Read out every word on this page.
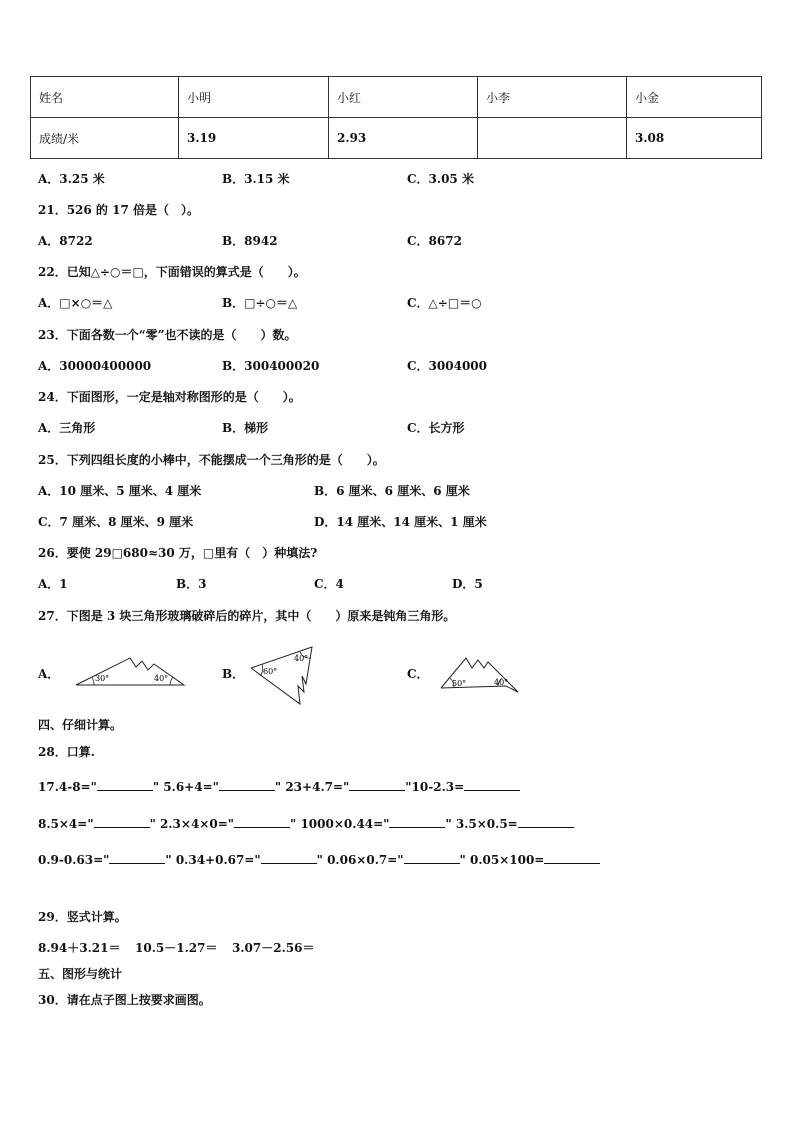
姓名	小明	小红	小李	小金
成绩/米	3.19	2.93		3.08
A．3.25 米	B．3.15 米	C．3.05 米
21．526 的 17 倍是（　）。
A．8722	B．8942	C．8672
22．已知△÷○＝□，下面错误的算式是（　　）。
A．□×○＝△	B．□÷○＝△	C．△÷□＝○
23．下面各数一个“零”也不读的是（　　）数。
A．30000400000	B．300400020	C．3004000
24．下面图形，一定是轴对称图形的是（　　）。
A．三角形	B．梯形	C．长方形
25．下列四组长度的小棒中，不能摆成一个三角形的是（　　）。
A．10 厘米、5 厘米、4 厘米	B．6 厘米、6 厘米、6 厘米
C．7 厘米、8 厘米、9 厘米	D．14 厘米、14 厘米、1 厘米
26．要使 29□680≈30 万，□里有（　）种填法?
A．1	B．3	C．4	D．5
27．下图是 3 块三角形玻璃破碎后的碎片，其中（　　）原来是钝角三角形。
A．	30°	40°	B． 60°
40°
C．
50°	40°
四、仔细计算。
28．口算.
17.4-8="	" 5.6+4="	" 23+4.7="	"10-2.3=
8.5×4="	" 2.3×4×0="	" 1000×0.44="	" 3.5×0.5=
0.9-0.63="	" 0.34+0.67="	" 0.06×0.7="	" 0.05×100=
29．竖式计算。
8.94＋3.21＝ 10.5－1.27＝ 3.07－2.56＝
五、图形与统计
30．请在点子图上按要求画图。
